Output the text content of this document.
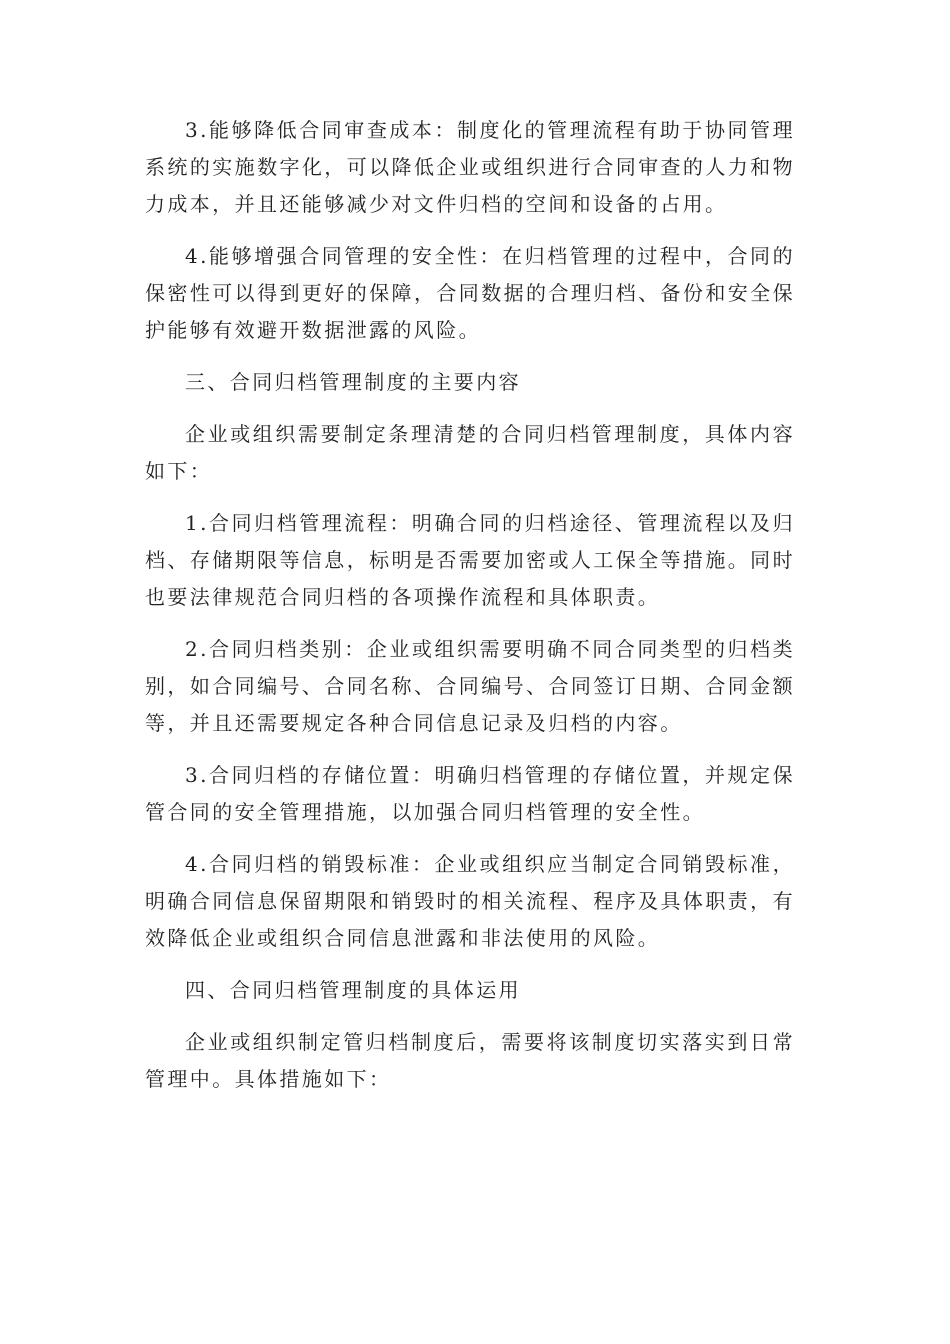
3.能够降低合同审查成本：制度化的管理流程有助于协同管理系统的实施数字化，可以降低企业或组织进行合同审查的人力和物力成本，并且还能够减少对文件归档的空间和设备的占用。

4.能够增强合同管理的安全性：在归档管理的过程中，合同的保密性可以得到更好的保障，合同数据的合理归档、备份和安全保护能够有效避开数据泄露的风险。

三、合同归档管理制度的主要内容

企业或组织需要制定条理清楚的合同归档管理制度，具体内容如下：

1.合同归档管理流程：明确合同的归档途径、管理流程以及归档、存储期限等信息，标明是否需要加密或人工保全等措施。同时也要法律规范合同归档的各项操作流程和具体职责。

2.合同归档类别：企业或组织需要明确不同合同类型的归档类别，如合同编号、合同名称、合同编号、合同签订日期、合同金额等，并且还需要规定各种合同信息记录及归档的内容。

3.合同归档的存储位置：明确归档管理的存储位置，并规定保管合同的安全管理措施，以加强合同归档管理的安全性。

4.合同归档的销毁标准：企业或组织应当制定合同销毁标准，明确合同信息保留期限和销毁时的相关流程、程序及具体职责，有效降低企业或组织合同信息泄露和非法使用的风险。

四、合同归档管理制度的具体运用

企业或组织制定管归档制度后，需要将该制度切实落实到日常管理中。具体措施如下：
